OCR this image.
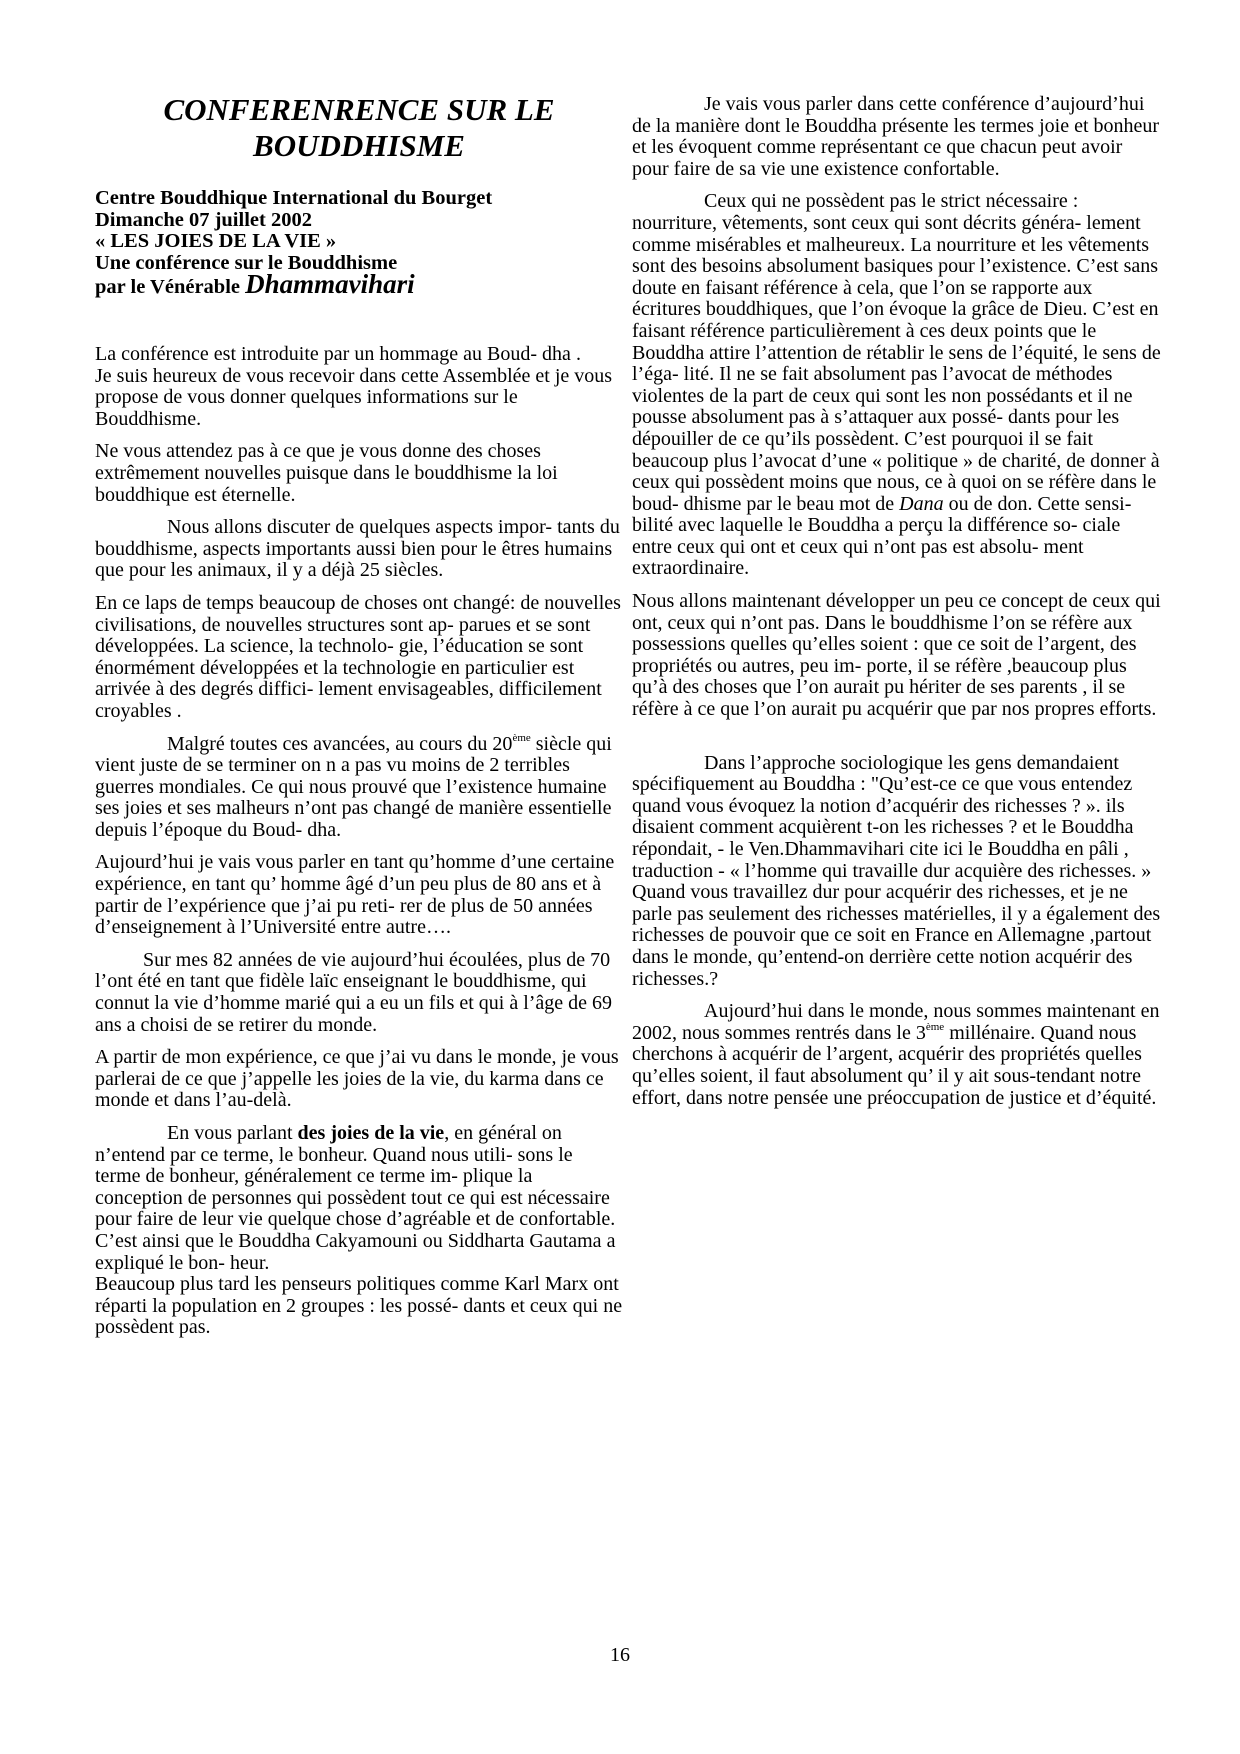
CONFERENRENCE SUR LE
BOUDDHISME
Centre Bouddhique International du Bourget
Dimanche 07 juillet 2002
« LES JOIES DE LA VIE »
Une conférence sur le Bouddhisme
par le Vénérable Dhammavihari

La conférence est introduite par un hommage au Boud- dha .

Je suis heureux de vous recevoir dans cette Assemblée et je vous propose de vous donner quelques informations sur le Bouddhisme.

Ne vous attendez pas à ce que je vous donne des choses extrêmement nouvelles puisque dans le bouddhisme la loi bouddhique est éternelle.

Nous allons discuter de quelques aspects impor- tants du bouddhisme, aspects importants aussi bien pour le êtres humains que pour les animaux, il y a déjà 25 siècles.

En ce laps de temps beaucoup de choses ont changé: de nouvelles civilisations, de nouvelles structures sont ap- parues et se sont développées. La science, la technolo- gie, l’éducation se sont énormément développées et la technologie en particulier est arrivée à des degrés diffici- lement envisageables, difficilement croyables .

Malgré toutes ces avancées, au cours du 20ème siècle qui vient juste de se terminer on n a pas vu moins de 2 terribles guerres mondiales. Ce qui nous prouvé que l’existence humaine ses joies et ses malheurs n’ont pas changé de manière essentielle depuis l’époque du Boud- dha.

Aujourd’hui je vais vous parler en tant qu’homme d’une certaine expérience, en tant qu’ homme âgé d’un peu plus de 80 ans et à partir de l’expérience que j’ai pu reti- rer de plus de 50 années d’enseignement à l’Université entre autre….

Sur mes 82 années de vie aujourd’hui écoulées, plus de 70 l’ont été en tant que fidèle laïc enseignant le bouddhisme, qui connut la vie d’homme marié qui a eu un fils et qui à l’âge de 69 ans a choisi de se retirer du monde.

A partir de mon expérience, ce que j’ai vu dans le monde, je vous parlerai de ce que j’appelle les joies de la vie, du karma dans ce monde et dans l’au-delà.

En vous parlant des joies de la vie, en général on n’entend par ce terme, le bonheur. Quand nous utili- sons le terme de bonheur, généralement ce terme im- plique la conception de personnes qui possèdent tout ce qui est nécessaire pour faire de leur vie quelque chose d’agréable et de confortable. C’est ainsi que le Bouddha Cakyamouni ou Siddharta Gautama a expliqué le bon- heur.

Beaucoup plus tard les penseurs politiques comme Karl Marx ont réparti la population en 2 groupes : les possé- dants et ceux qui ne possèdent pas.

Je vais vous parler dans cette conférence d’aujourd’hui de la manière dont le Bouddha présente les termes joie et bonheur et les évoquent comme représentant ce que chacun peut avoir pour faire de sa vie une existence confortable.

Ceux qui ne possèdent pas le strict nécessaire : nourriture, vêtements, sont ceux qui sont décrits généra- lement comme misérables et malheureux. La nourriture et les vêtements sont des besoins absolument basiques pour l’existence. C’est sans doute en faisant référence à cela, que l’on se rapporte aux écritures bouddhiques, que l’on évoque la grâce de Dieu. C’est en faisant référence particulièrement à ces deux points que le Bouddha attire l’attention de rétablir le sens de l’équité, le sens de l’éga- lité. Il ne se fait absolument pas l’avocat de méthodes violentes de la part de ceux qui sont les non possédants et il ne pousse absolument pas à s’attaquer aux possé- dants pour les dépouiller de ce qu’ils possèdent. C’est pourquoi il se fait beaucoup plus l’avocat d’une « politique » de charité, de donner à ceux qui possèdent moins que nous, ce à quoi on se réfère dans le boud- dhisme par le beau mot de Dana ou de don. Cette sensi- bilité avec laquelle le Bouddha a perçu la différence so- ciale entre ceux qui ont et ceux qui n’ont pas est absolu- ment extraordinaire.

Nous allons maintenant développer un peu ce concept de ceux qui ont, ceux qui n’ont pas. Dans le bouddhisme l’on se réfère aux possessions quelles qu’elles soient : que ce soit de l’argent, des propriétés ou autres, peu im- porte, il se réfère ,beaucoup plus qu’à des choses que l’on aurait pu hériter de ses parents , il se réfère à ce que l’on aurait pu acquérir que par nos propres efforts.

Dans l’approche sociologique les gens demandaient spécifiquement au Bouddha : "Qu’est-ce ce que vous entendez quand vous évoquez la notion d’acquérir des richesses ? ». ils disaient comment acquièrent t-on les richesses ? et le Bouddha répondait, - le Ven.Dhammavihari cite ici le Bouddha en pâli , traduction - « l’homme qui travaille dur acquière des richesses. » Quand vous travaillez dur pour acquérir des richesses, et je ne parle pas seulement des richesses matérielles, il y a également des richesses de pouvoir que ce soit en France en Allemagne ,partout dans le monde, qu’entend-on derrière cette notion acquérir des richesses.?

Aujourd’hui dans le monde, nous sommes maintenant en 2002, nous sommes rentrés dans le 3ème millénaire. Quand nous cherchons à acquérir de l’argent, acquérir des propriétés quelles qu’elles soient, il faut absolument qu’ il y ait sous-tendant notre effort, dans notre pensée une préoccupation de justice et d’équité.

16
